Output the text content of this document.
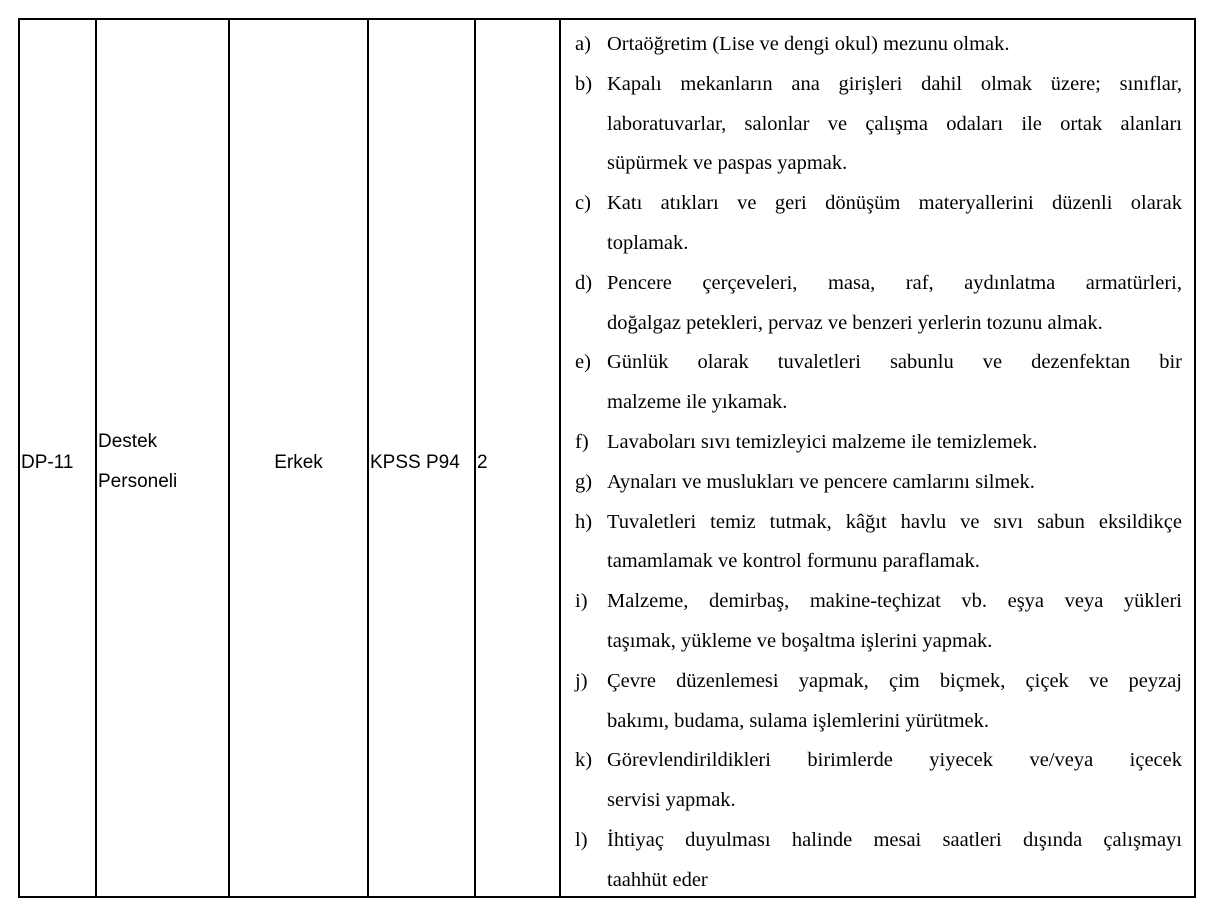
DP-11
Destek
Personeli
Erkek	KPSS P94 2
a) Ortaöğretim (Lise ve dengi okul) mezunu olmak.
b) Kapalı mekanların ana girişleri dahil olmak üzere; sınıflar,
laboratuvarlar, salonlar ve çalışma odaları ile ortak alanları
süpürmek ve paspas yapmak.
c) Katı atıkları ve geri dönüşüm materyallerini düzenli olarak
toplamak.
d) Pencere çerçeveleri, masa, raf, aydınlatma armatürleri,
doğalgaz petekleri, pervaz ve benzeri yerlerin tozunu almak.
e) Günlük olarak tuvaletleri sabunlu ve dezenfektan bir
malzeme ile yıkamak.
f) Lavaboları sıvı temizleyici malzeme ile temizlemek.
g) Aynaları ve muslukları ve pencere camlarını silmek.
h) Tuvaletleri temiz tutmak, kâğıt havlu ve sıvı sabun eksildikçe
tamamlamak ve kontrol formunu paraflamak.
i) Malzeme, demirbaş, makine-teçhizat vb. eşya veya yükleri
taşımak, yükleme ve boşaltma işlerini yapmak.
j) Çevre düzenlemesi yapmak, çim biçmek, çiçek ve peyzaj
bakımı, budama, sulama işlemlerini yürütmek.
k) Görevlendirildikleri birimlerde yiyecek ve/veya içecek
servisi yapmak.
l) İhtiyaç duyulması halinde mesai saatleri dışında çalışmayı
taahhüt eder
